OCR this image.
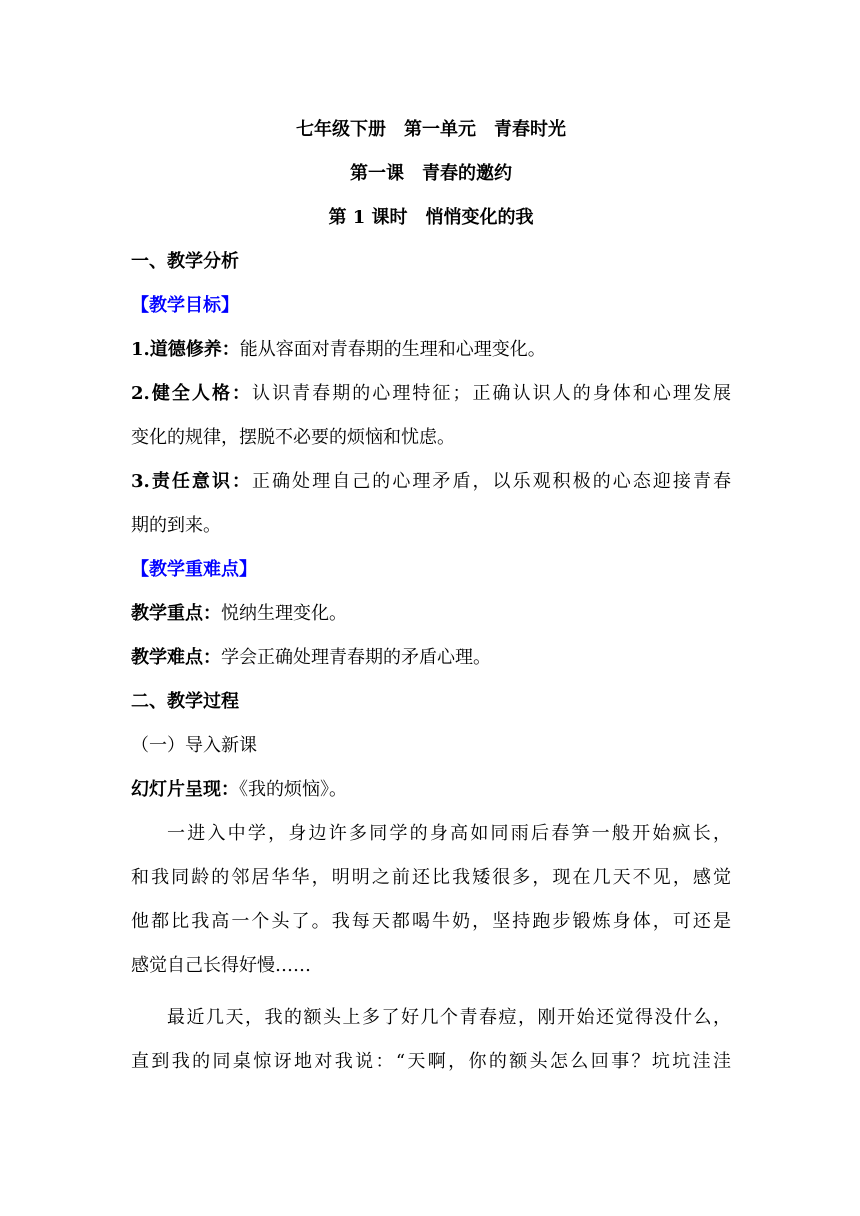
七年级下册　第一单元　青春时光
第一课　青春的邀约
第 1 课时　悄悄变化的我
一、教学分析
【教学目标】
1.道德修养：能从容面对青春期的生理和心理变化。
2.健全人格：认识青春期的心理特征；正确认识人的身体和心理发展
变化的规律，摆脱不必要的烦恼和忧虑。
3.责任意识：正确处理自己的心理矛盾，以乐观积极的心态迎接青春
期的到来。
【教学重难点】
教学重点：悦纳生理变化。
教学难点：学会正确处理青春期的矛盾心理。
二、教学过程
（一）导入新课
幻灯片呈现：《我的烦恼》。
一进入中学，身边许多同学的身高如同雨后春笋一般开始疯长，
和我同龄的邻居华华，明明之前还比我矮很多，现在几天不见，感觉
他都比我高一个头了。我每天都喝牛奶，坚持跑步锻炼身体，可还是
感觉自己长得好慢……
最近几天，我的额头上多了好几个青春痘，刚开始还觉得没什么，
直到我的同桌惊讶地对我说：“天啊，你的额头怎么回事？坑坑洼洼
